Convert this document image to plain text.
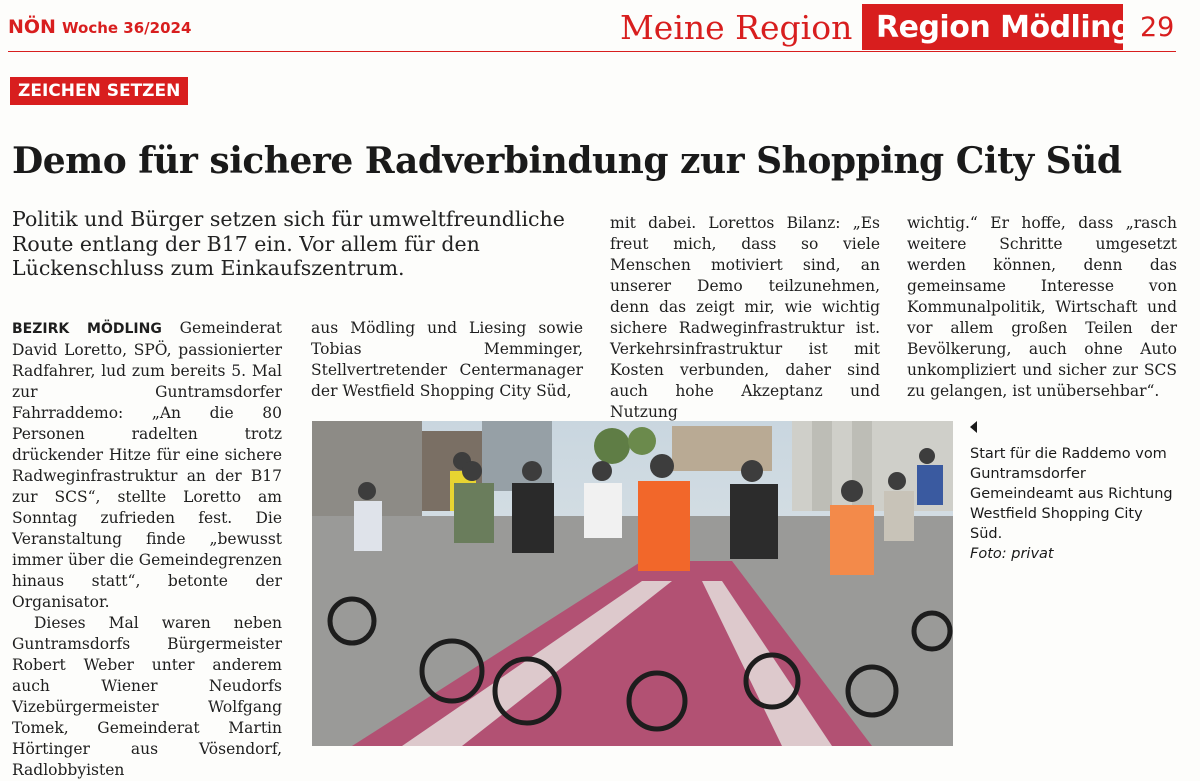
NÖN Woche 36/2024	Meine Region Region Mödling 29
ZEICHEN SETZEN
Demo für sichere Radverbindung zur Shopping City Süd
Politik und Bürger setzen sich für umweltfreundliche Route entlang der B17 ein. Vor allem für den Lückenschluss zum Einkaufszentrum.

BEZIRK MÖDLING Gemeinderat David Loretto, SPÖ, passionierter Radfahrer, lud zum bereits 5. Mal zur Guntramsdorfer Fahrraddemo: „An die 80 Personen radelten trotz drückender Hitze für eine sichere Radweginfrastruktur an der B17 zur SCS“, stellte Loretto am Sonntag zufrieden fest. Die Veranstaltung finde „bewusst immer über die Gemeindegrenzen hinaus statt“, betonte der Organisator.

Dieses Mal waren neben Guntramsdorfs Bürgermeister Robert Weber unter anderem auch Wiener Neudorfs Vizebürgermeister Wolfgang Tomek, Gemeinderat Martin Hörtinger aus Vösendorf, Radlobbyisten

aus Mödling und Liesing sowie Tobias Memminger, Stellvertretender Centermanager der Westfield Shopping City Süd,

mit dabei. Lorettos Bilanz: „Es freut mich, dass so viele Menschen motiviert sind, an unserer Demo teilzunehmen, denn das zeigt mir, wie wichtig sichere Radweginfrastruktur ist. Verkehrsinfrastruktur ist mit Kosten verbunden, daher sind auch hohe Akzeptanz und Nutzung

wichtig.“ Er hoffe, dass „rasch weitere Schritte umgesetzt werden können, denn das gemeinsame Interesse von Kommunalpolitik, Wirtschaft und vor allem großen Teilen der Bevölkerung, auch ohne Auto unkompliziert und sicher zur SCS zu gelangen, ist unübersehbar“.

Start für die Raddemo vom Guntramsdorfer Gemeindeamt aus Richtung Westfield Shopping City Süd.
Foto: privat
